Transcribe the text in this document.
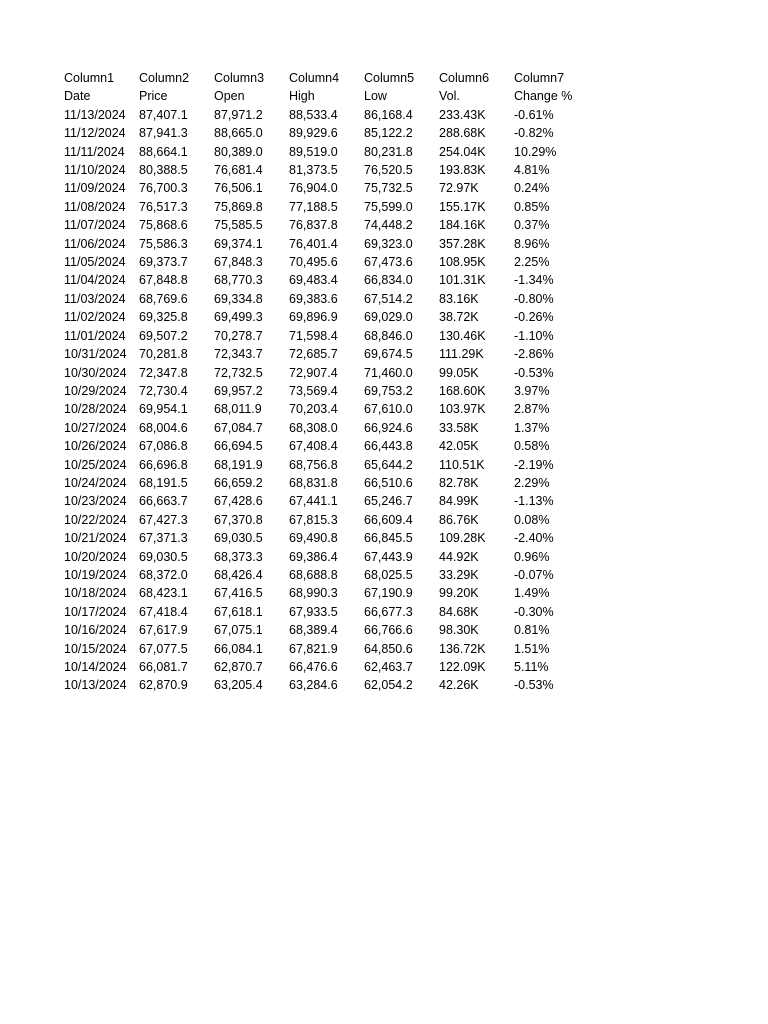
Column1	Column2	Column3	Column4	Column5	Column6	Column7
Date	Price	Open	High	Low	Vol.	Change %
11/13/2024	87,407.1	87,971.2	88,533.4	86,168.4	233.43K	-0.61%
11/12/2024	87,941.3	88,665.0	89,929.6	85,122.2	288.68K	-0.82%
11/11/2024	88,664.1	80,389.0	89,519.0	80,231.8	254.04K	10.29%
11/10/2024	80,388.5	76,681.4	81,373.5	76,520.5	193.83K	4.81%
11/09/2024	76,700.3	76,506.1	76,904.0	75,732.5	72.97K	0.24%
11/08/2024	76,517.3	75,869.8	77,188.5	75,599.0	155.17K	0.85%
11/07/2024	75,868.6	75,585.5	76,837.8	74,448.2	184.16K	0.37%
11/06/2024	75,586.3	69,374.1	76,401.4	69,323.0	357.28K	8.96%
11/05/2024	69,373.7	67,848.3	70,495.6	67,473.6	108.95K	2.25%
11/04/2024	67,848.8	68,770.3	69,483.4	66,834.0	101.31K	-1.34%
11/03/2024	68,769.6	69,334.8	69,383.6	67,514.2	83.16K	-0.80%
11/02/2024	69,325.8	69,499.3	69,896.9	69,029.0	38.72K	-0.26%
11/01/2024	69,507.2	70,278.7	71,598.4	68,846.0	130.46K	-1.10%
10/31/2024	70,281.8	72,343.7	72,685.7	69,674.5	111.29K	-2.86%
10/30/2024	72,347.8	72,732.5	72,907.4	71,460.0	99.05K	-0.53%
10/29/2024	72,730.4	69,957.2	73,569.4	69,753.2	168.60K	3.97%
10/28/2024	69,954.1	68,011.9	70,203.4	67,610.0	103.97K	2.87%
10/27/2024	68,004.6	67,084.7	68,308.0	66,924.6	33.58K	1.37%
10/26/2024	67,086.8	66,694.5	67,408.4	66,443.8	42.05K	0.58%
10/25/2024	66,696.8	68,191.9	68,756.8	65,644.2	110.51K	-2.19%
10/24/2024	68,191.5	66,659.2	68,831.8	66,510.6	82.78K	2.29%
10/23/2024	66,663.7	67,428.6	67,441.1	65,246.7	84.99K	-1.13%
10/22/2024	67,427.3	67,370.8	67,815.3	66,609.4	86.76K	0.08%
10/21/2024	67,371.3	69,030.5	69,490.8	66,845.5	109.28K	-2.40%
10/20/2024	69,030.5	68,373.3	69,386.4	67,443.9	44.92K	0.96%
10/19/2024	68,372.0	68,426.4	68,688.8	68,025.5	33.29K	-0.07%
10/18/2024	68,423.1	67,416.5	68,990.3	67,190.9	99.20K	1.49%
10/17/2024	67,418.4	67,618.1	67,933.5	66,677.3	84.68K	-0.30%
10/16/2024	67,617.9	67,075.1	68,389.4	66,766.6	98.30K	0.81%
10/15/2024	67,077.5	66,084.1	67,821.9	64,850.6	136.72K	1.51%
10/14/2024	66,081.7	62,870.7	66,476.6	62,463.7	122.09K	5.11%
10/13/2024	62,870.9	63,205.4	63,284.6	62,054.2	42.26K	-0.53%
